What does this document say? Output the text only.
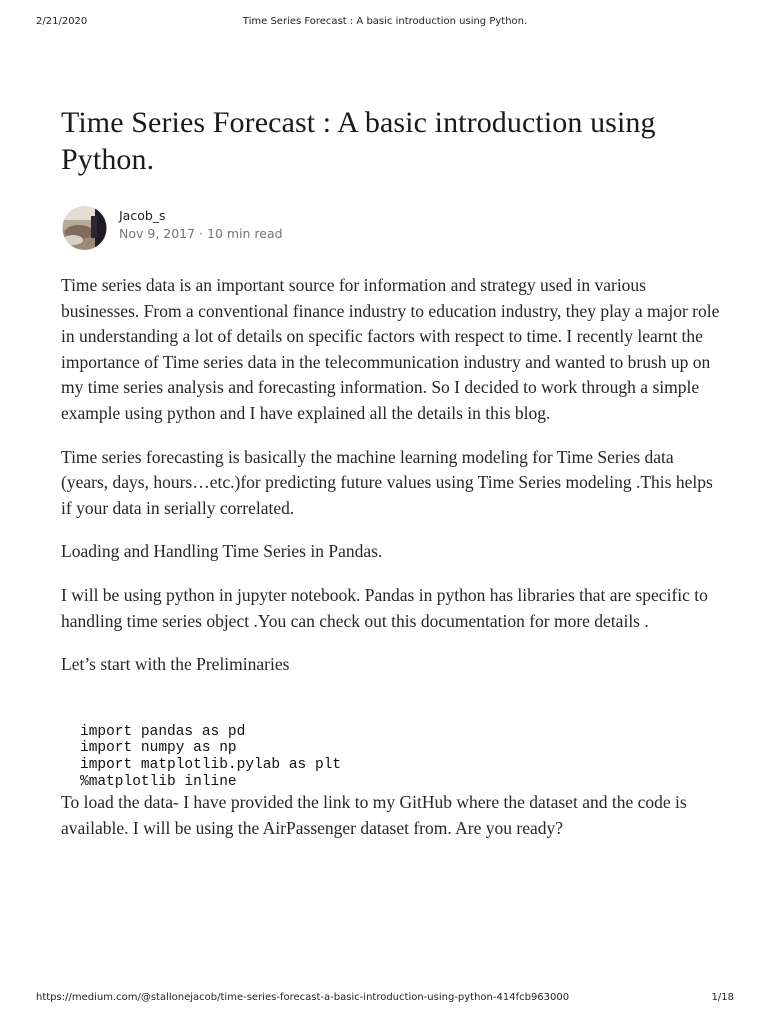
2/21/2020	Time Series Forecast : A basic introduction using Python.
Time Series Forecast : A basic introduction using Python.
Jacob_s
Nov 9, 2017 · 10 min read

Time series data is an important source for information and strategy used in various businesses. From a conventional finance industry to education industry, they play a major role in understanding a lot of details on specific factors with respect to time. I recently learnt the importance of Time series data in the telecommunication industry and wanted to brush up on my time series analysis and forecasting information. So I decided to work through a simple example using python and I have explained all the details in this blog.

Time series forecasting is basically the machine learning modeling for Time Series data (years, days, hours…etc.)for predicting future values using Time Series modeling .This helps if your data in serially correlated.

Loading and Handling Time Series in Pandas.

I will be using python in jupyter notebook. Pandas in python has libraries that are specific to handling time series object .You can check out this documentation for more details .

Let’s start with the Preliminaries

import pandas as pd
import numpy as np
import matplotlib.pylab as plt
%matplotlib inline

To load the data- I have provided the link to my GitHub where the dataset and the code is available. I will be using the AirPassenger dataset from. Are you ready?

https://medium.com/@stallonejacob/time-series-forecast-a-basic-introduction-using-python-414fcb963000	1/18
